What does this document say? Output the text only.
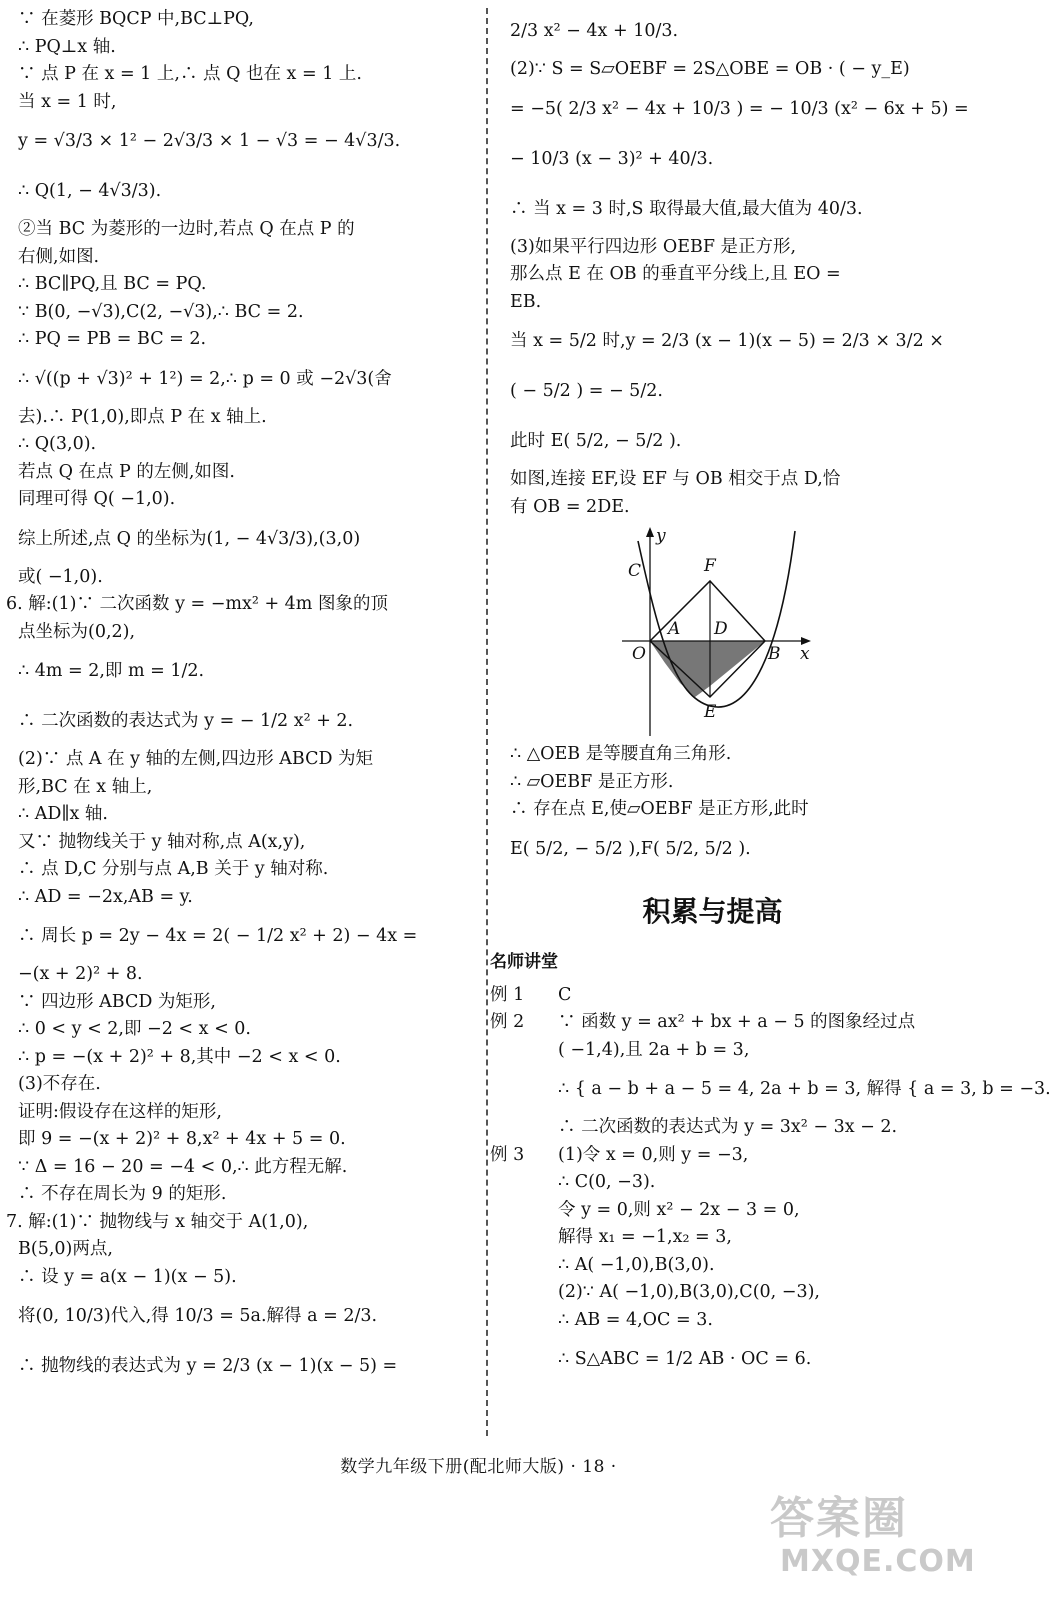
∵ 在菱形 BQCP 中,BC⊥PQ,
∴ PQ⊥x 轴.
∵ 点 P 在 x = 1 上,∴ 点 Q 也在 x = 1 上.
当 x = 1 时,
y = √3/3 × 1² − 2√3/3 × 1 − √3 = − 4√3/3.
∴ Q(1, − 4√3/3).
②当 BC 为菱形的一边时,若点 Q 在点 P 的
右侧,如图.
∴ BC∥PQ,且 BC = PQ.
∵ B(0, −√3),C(2, −√3),∴ BC = 2.
∴ PQ = PB = BC = 2.
∴ √((p + √3)² + 1²) = 2,∴ p = 0 或 −2√3(舍
去).∴ P(1,0),即点 P 在 x 轴上.
∴ Q(3,0).
若点 Q 在点 P 的左侧,如图.
同理可得 Q( −1,0).
综上所述,点 Q 的坐标为(1, − 4√3/3),(3,0)
或( −1,0).
6. 解:(1)∵ 二次函数 y = −mx² + 4m 图象的顶
点坐标为(0,2),
∴ 4m = 2,即 m = 1/2.
∴ 二次函数的表达式为 y = − 1/2 x² + 2.
(2)∵ 点 A 在 y 轴的左侧,四边形 ABCD 为矩
形,BC 在 x 轴上,
∴ AD∥x 轴.
又∵ 抛物线关于 y 轴对称,点 A(x,y),
∴ 点 D,C 分别与点 A,B 关于 y 轴对称.
∴ AD = −2x,AB = y.
∴ 周长 p = 2y − 4x = 2( − 1/2 x² + 2) − 4x =
−(x + 2)² + 8.
∵ 四边形 ABCD 为矩形,
∴ 0 < y < 2,即 −2 < x < 0.
∴ p = −(x + 2)² + 8,其中 −2 < x < 0.
(3)不存在.
证明:假设存在这样的矩形,
即 9 = −(x + 2)² + 8,x² + 4x + 5 = 0.
∵ Δ = 16 − 20 = −4 < 0,∴ 此方程无解.
∴ 不存在周长为 9 的矩形.
7. 解:(1)∵ 抛物线与 x 轴交于 A(1,0),
B(5,0)两点,
∴ 设 y = a(x − 1)(x − 5).
将(0, 10/3)代入,得 10/3 = 5a.解得 a = 2/3.
∴ 抛物线的表达式为 y = 2/3 (x − 1)(x − 5) =
2/3 x² − 4x + 10/3.
(2)∵ S = S▱OEBF = 2S△OBE = OB · ( − y_E)
= −5( 2/3 x² − 4x + 10/3 ) = − 10/3 (x² − 6x + 5) =
− 10/3 (x − 3)² + 40/3.
∴ 当 x = 3 时,S 取得最大值,最大值为 40/3.
(3)如果平行四边形 OEBF 是正方形,
那么点 E 在 OB 的垂直平分线上,且 EO =
EB.
当 x = 5/2 时,y = 2/3 (x − 1)(x − 5) = 2/3 × 3/2 ×
( − 5/2 ) = − 5/2.
此时 E( 5/2, − 5/2 ).
如图,连接 EF,设 EF 与 OB 相交于点 D,恰
有 OB = 2DE.
y
x
C	F
A D
O	B
E
∴ △OEB 是等腰直角三角形.
∴ ▱OEBF 是正方形.
∴ 存在点 E,使▱OEBF 是正方形,此时
E( 5/2, − 5/2 ),F( 5/2, 5/2 ).
积累与提高
名师讲堂
例 1 C
例 2 ∵ 函数 y = ax² + bx + a − 5 的图象经过点
( −1,4),且 2a + b = 3,
∴ { a − b + a − 5 = 4, 2a + b = 3, 解得 { a = 3, b = −3.
∴ 二次函数的表达式为 y = 3x² − 3x − 2.
例 3 (1)令 x = 0,则 y = −3,
∴ C(0, −3).
令 y = 0,则 x² − 2x − 3 = 0,
解得 x₁ = −1,x₂ = 3,
∴ A( −1,0),B(3,0).
(2)∵ A( −1,0),B(3,0),C(0, −3),
∴ AB = 4,OC = 3.
∴ S△ABC = 1/2 AB · OC = 6.
数学九年级下册(配北师大版) · 18 ·
答案圈
MXQE.COM
